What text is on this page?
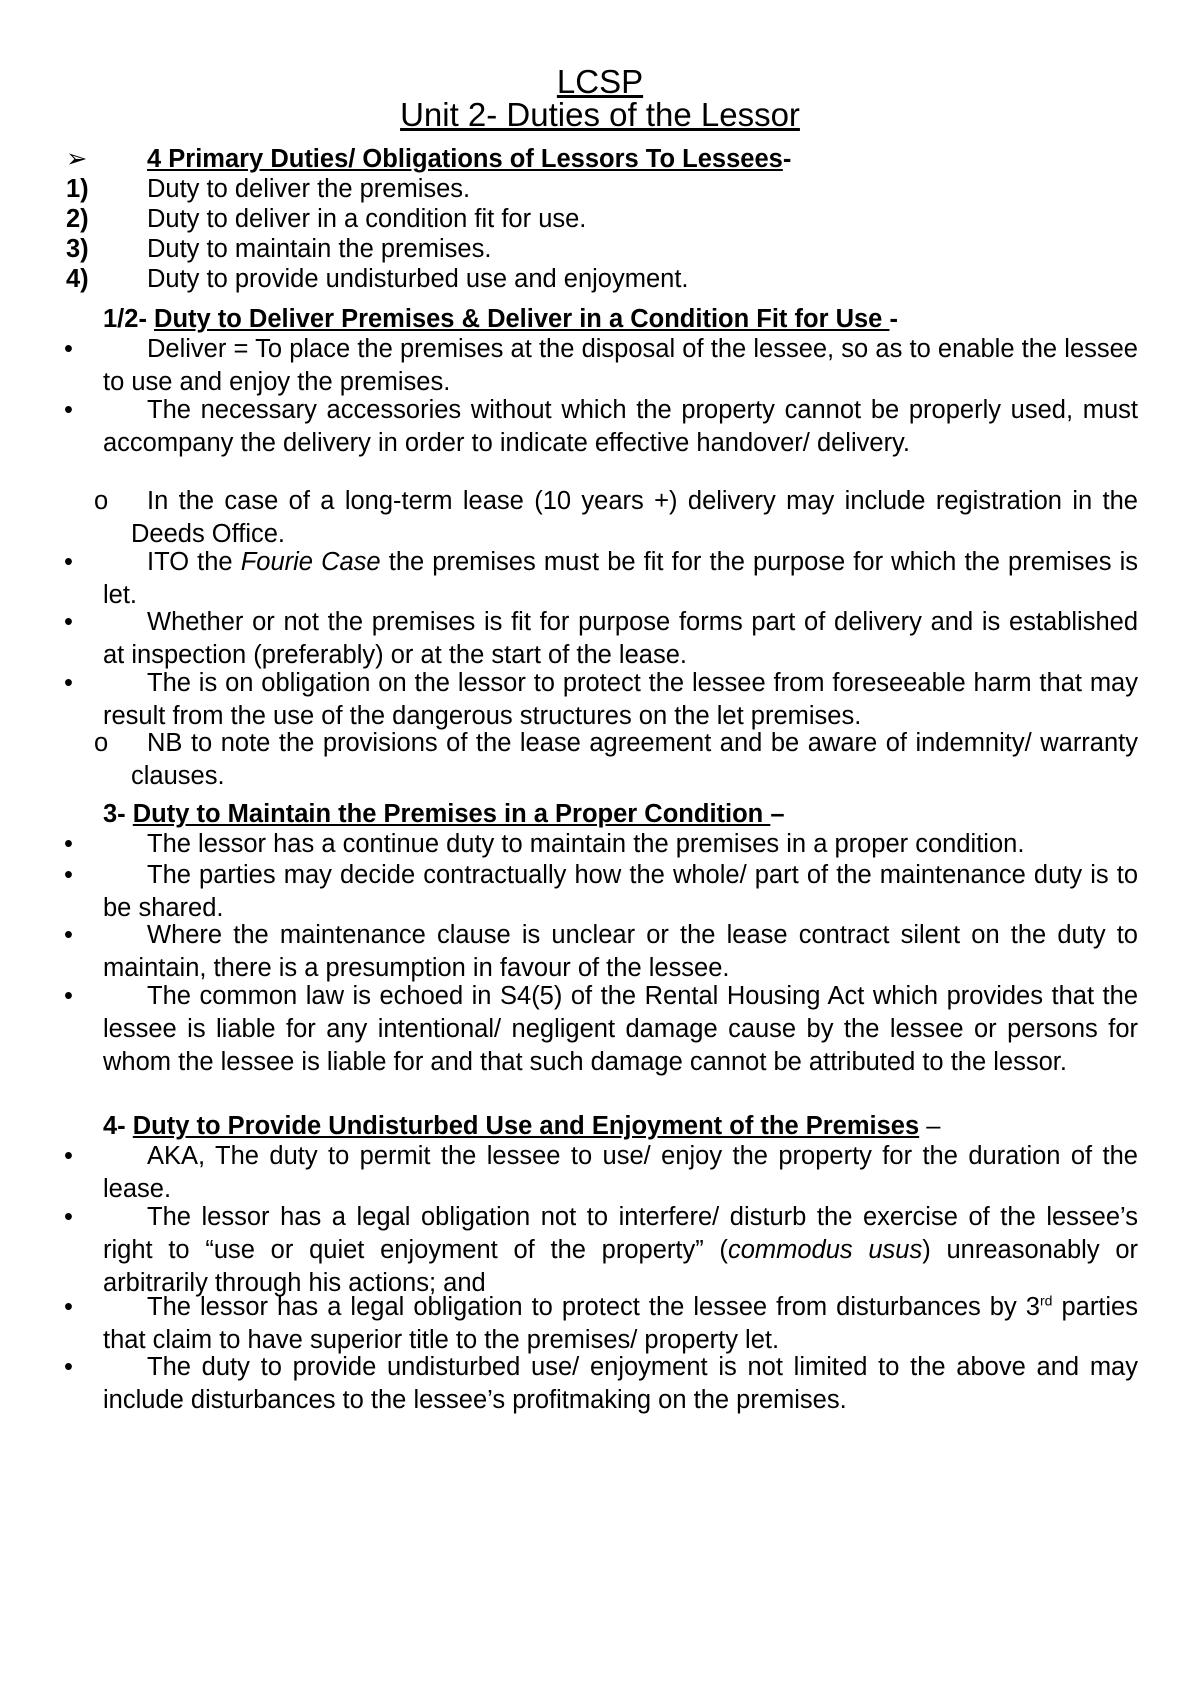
LCSP
Unit 2- Duties of the Lessor
➢ 4 Primary Duties/ Obligations of Lessors To Lessees-
1) Duty to deliver the premises.
2) Duty to deliver in a condition fit for use.
3) Duty to maintain the premises.
4) Duty to provide undisturbed use and enjoyment.
1/2- Duty to Deliver Premises & Deliver in a Condition Fit for Use -
•	Deliver = To place the premises at the disposal of the lessee, so as to enable the lessee to use and enjoy the premises.
•	The necessary accessories without which the property cannot be properly used, must accompany the delivery in order to indicate effective handover/ delivery.
o	In the case of a long-term lease (10 years +) delivery may include registration in the Deeds Office.
•	ITO the Fourie Case the premises must be fit for the purpose for which the premises is let.
•	Whether or not the premises is fit for purpose forms part of delivery and is established at inspection (preferably) or at the start of the lease.
•	The is on obligation on the lessor to protect the lessee from foreseeable harm that may result from the use of the dangerous structures on the let premises.
o	NB to note the provisions of the lease agreement and be aware of indemnity/ warranty clauses.
3- Duty to Maintain the Premises in a Proper Condition –
•	The lessor has a continue duty to maintain the premises in a proper condition.
•	The parties may decide contractually how the whole/ part of the maintenance duty is to be shared.
•	Where the maintenance clause is unclear or the lease contract silent on the duty to maintain, there is a presumption in favour of the lessee.
•	The common law is echoed in S4(5) of the Rental Housing Act which provides that the lessee is liable for any intentional/ negligent damage cause by the lessee or persons for whom the lessee is liable for and that such damage cannot be attributed to the lessor.
4- Duty to Provide Undisturbed Use and Enjoyment of the Premises –
•	AKA, The duty to permit the lessee to use/ enjoy the property for the duration of the lease.
•	The lessor has a legal obligation not to interfere/ disturb the exercise of the lessee’s right to “use or quiet enjoyment of the property” (commodus usus) unreasonably or arbitrarily through his actions; and
•	The lessor has a legal obligation to protect the lessee from disturbances by 3rd parties that claim to have superior title to the premises/ property let.
•	The duty to provide undisturbed use/ enjoyment is not limited to the above and may include disturbances to the lessee’s profitmaking on the premises.
